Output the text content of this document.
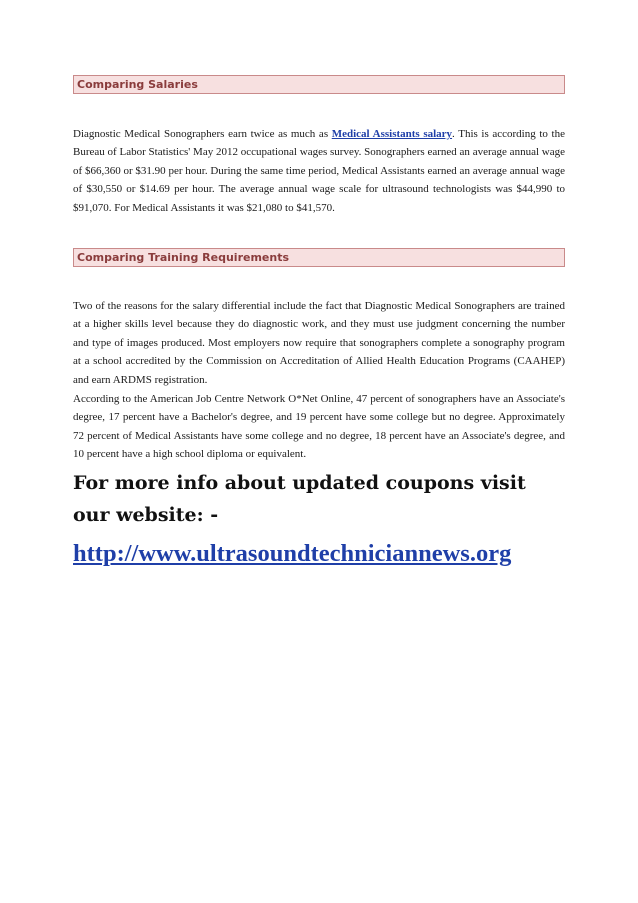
Comparing Salaries

Diagnostic Medical Sonographers earn twice as much as Medical Assistants salary. This is according to the Bureau of Labor Statistics' May 2012 occupational wages survey. Sonographers earned an average annual wage of $66,360 or $31.90 per hour. During the same time period, Medical Assistants earned an average annual wage of $30,550 or $14.69 per hour. The average annual wage scale for ultrasound technologists was $44,990 to $91,070. For Medical Assistants it was $21,080 to $41,570.

Comparing Training Requirements

Two of the reasons for the salary differential include the fact that Diagnostic Medical Sonographers are trained at a higher skills level because they do diagnostic work, and they must use judgment concerning the number and type of images produced. Most employers now require that sonographers complete a sonography program at a school accredited by the Commission on Accreditation of Allied Health Education Programs (CAAHEP) and earn ARDMS registration.

According to the American Job Centre Network O*Net Online, 47 percent of sonographers have an Associate's degree, 17 percent have a Bachelor's degree, and 19 percent have some college but no degree. Approximately 72 percent of Medical Assistants have some college and no degree, 18 percent have an Associate's degree, and 10 percent have a high school diploma or equivalent.

For more info about updated coupons visit our website: -

http://www.ultrasoundtechniciannews.org
